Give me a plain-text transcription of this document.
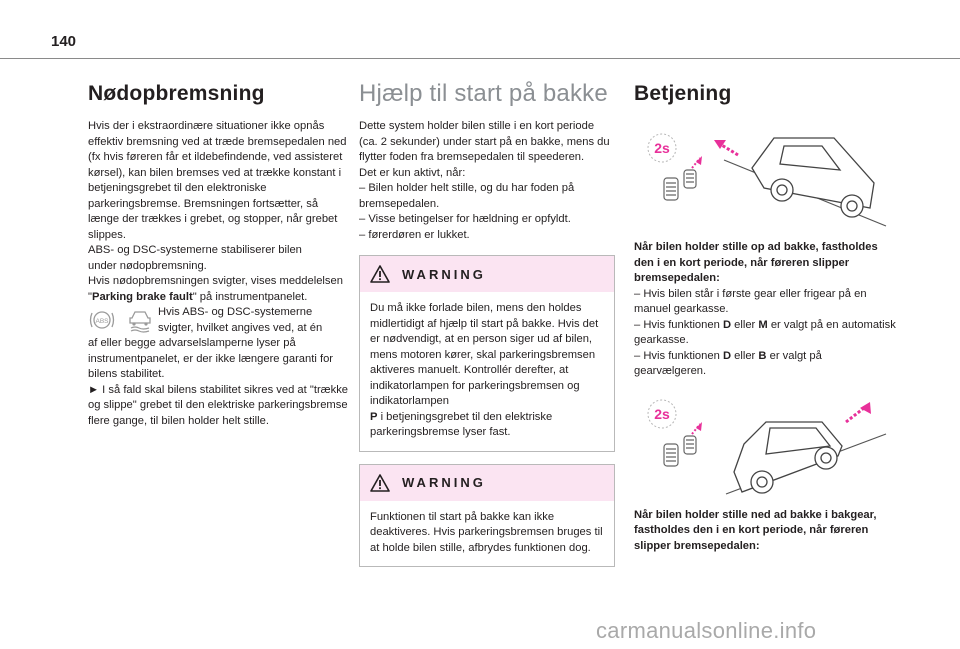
140
Nødopbremsning

Hvis der i ekstraordinære situationer ikke opnås effektiv bremsning ved at træde bremsepedalen ned (fx hvis føreren får et ildebefindende, ved assisteret kørsel), kan bilen bremses ved at trække konstant i betjeningsgrebet til den elektroniske parkeringsbremse. Bremsningen fortsætter, så længe der trækkes i grebet, og stopper, når grebet slippes.

ABS- og DSC-systemerne stabiliserer bilen

under nødopbremsning.

Hvis nødopbremsningen svigter, vises meddelelsen "Parking brake fault" på instrumentpanelet.

ABS
Hvis ABS- og DSC-systemerne svigter, hvilket angives ved, at én

af eller begge advarselslamperne lyser på instrumentpanelet, er der ikke længere garanti for bilens stabilitet.

► I så fald skal bilens stabilitet sikres ved at "trække og slippe" grebet til den elektriske parkeringsbremse flere gange, til bilen holder helt stille.

Hjælp til start på bakke

Dette system holder bilen stille i en kort periode (ca. 2 sekunder) under start på en bakke, mens du flytter foden fra bremsepedalen til speederen.

Det er kun aktivt, når:

– Bilen holder helt stille, og du har foden på bremsepedalen.

– Visse betingelser for hældning er opfyldt.

– førerdøren er lukket.

WARNING
Du må ikke forlade bilen, mens den holdes midlertidigt af hjælp til start på bakke. Hvis det er nødvendigt, at en person siger ud af bilen, mens motoren kører, skal parkeringsbremsen aktiveres manuelt. Kontrollér derefter, at indikatorlampen for parkeringsbremsen og indikatorlampen
P i betjeningsgrebet til den elektriske parkeringsbremse lyser fast.
WARNING
Funktionen til start på bakke kan ikke deaktiveres. Hvis parkeringsbremsen bruges til at holde bilen stille, afbrydes funktionen dog.
Betjening
2s

Når bilen holder stille op ad bakke, fastholdes den i en kort periode, når føreren slipper bremsepedalen:

– Hvis bilen står i første gear eller frigear på en manuel gearkasse.

– Hvis funktionen D eller M er valgt på en automatisk gearkasse.

– Hvis funktionen D eller B er valgt på gearvælgeren.

2s

Når bilen holder stille ned ad bakke i bakgear, fastholdes den i en kort periode, når føreren slipper bremsepedalen:

carmanualsonline.info
